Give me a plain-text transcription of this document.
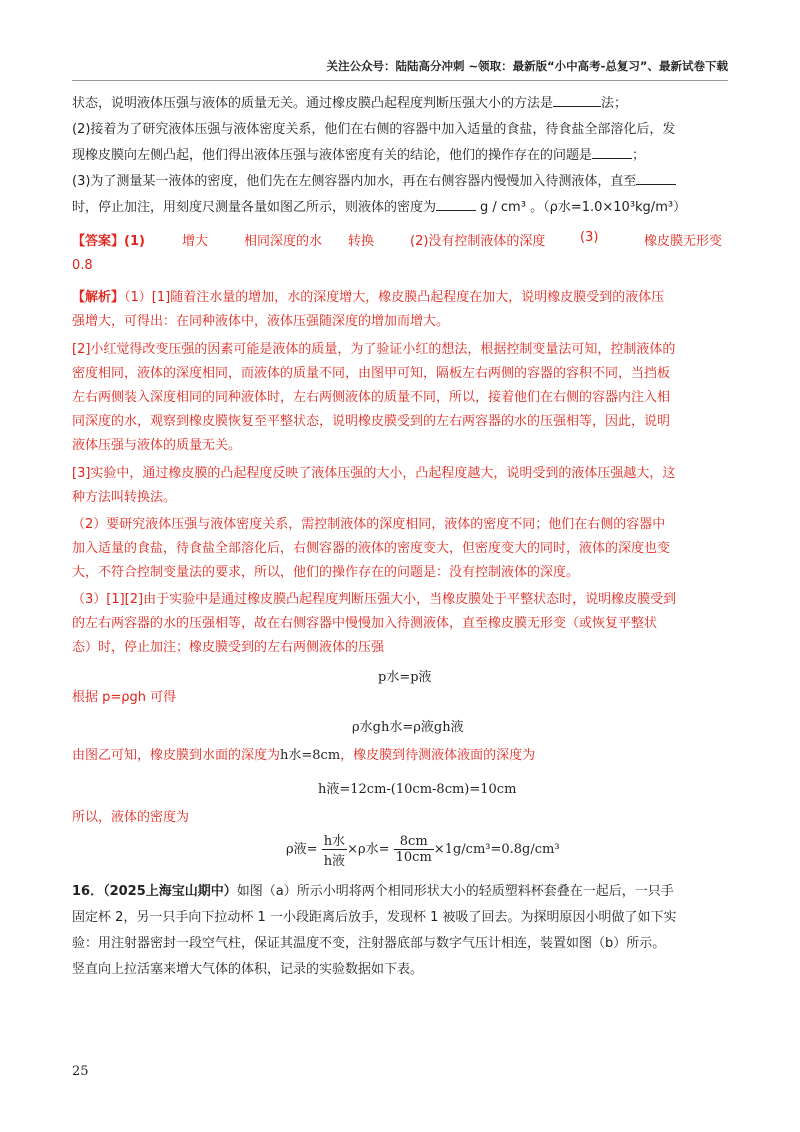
关注公众号：陆陆高分冲刺 ~领取：最新版“小中高考-总复习”、最新试卷下载
状态，说明液体压强与液体的质量无关。通过橡皮膜凸起程度判断压强大小的方法是	法；
(2)接着为了研究液体压强与液体密度关系，他们在右侧的容器中加入适量的食盐，待食盐全部溶化后，发
现橡皮膜向左侧凸起，他们得出液体压强与液体密度有关的结论，他们的操作存在的问题是	；
(3)为了测量某一液体的密度，他们先在左侧容器内加水，再在右侧容器内慢慢加入待测液体，直至
时，停止加注，用刻度尺测量各量如图乙所示，则液体的密度为	g / cm³ 。（ρ水=1.0×10³kg/m³）
【答案】(1)	增大	相同深度的水 转换	(2)没有控制液体的深度	(3)	橡皮膜无形变
0.8
【解析】（1）[1]随着注水量的增加，水的深度增大，橡皮膜凸起程度在加大，说明橡皮膜受到的液体压
强增大，可得出：在同种液体中，液体压强随深度的增加而增大。
[2]小红觉得改变压强的因素可能是液体的质量，为了验证小红的想法，根据控制变量法可知，控制液体的
密度相同，液体的深度相同，而液体的质量不同，由图甲可知，隔板左右两侧的容器的容积不同，当挡板
左右两侧装入深度相同的同种液体时，左右两侧液体的质量不同，所以，接着他们在右侧的容器内注入相
同深度的水，观察到橡皮膜恢复至平整状态，说明橡皮膜受到的左右两容器的水的压强相等，因此，说明
液体压强与液体的质量无关。
[3]实验中，通过橡皮膜的凸起程度反映了液体压强的大小，凸起程度越大，说明受到的液体压强越大，这
种方法叫转换法。
（2）要研究液体压强与液体密度关系，需控制液体的深度相同，液体的密度不同；他们在右侧的容器中
加入适量的食盐，待食盐全部溶化后，右侧容器的液体的密度变大，但密度变大的同时，液体的深度也变
大，不符合控制变量法的要求，所以，他们的操作存在的问题是：没有控制液体的深度。
（3）[1][2]由于实验中是通过橡皮膜凸起程度判断压强大小，当橡皮膜处于平整状态时，说明橡皮膜受到
的左右两容器的水的压强相等，故在右侧容器中慢慢加入待测液体，直至橡皮膜无形变（或恢复平整状
态）时，停止加注；橡皮膜受到的左右两侧液体的压强
p水=p液
根据 p=ρgh 可得
ρ水gh水=ρ液gh液
由图乙可知，橡皮膜到水面的深度为h水=8cm，橡皮膜到待测液体液面的深度为
h液=12cm-(10cm-8cm)=10cm
所以，液体的密度为
ρ液= $\frac{\text{h水}}{\text{h液}} \times\rho$水= $\frac{8cm}{10cm} \times 1g/cm^3=0.8g/cm^3$
16．（2025上海宝山期中）如图（a）所示小明将两个相同形状大小的轻质塑料杯套叠在一起后，一只手
固定杯 2，另一只手向下拉动杯 1 一小段距离后放手，发现杯 1 被吸了回去。为探明原因小明做了如下实
验：用注射器密封一段空气柱，保证其温度不变，注射器底部与数字气压计相连，装置如图（b）所示。
竖直向上拉活塞来增大气体的体积，记录的实验数据如下表。
25
